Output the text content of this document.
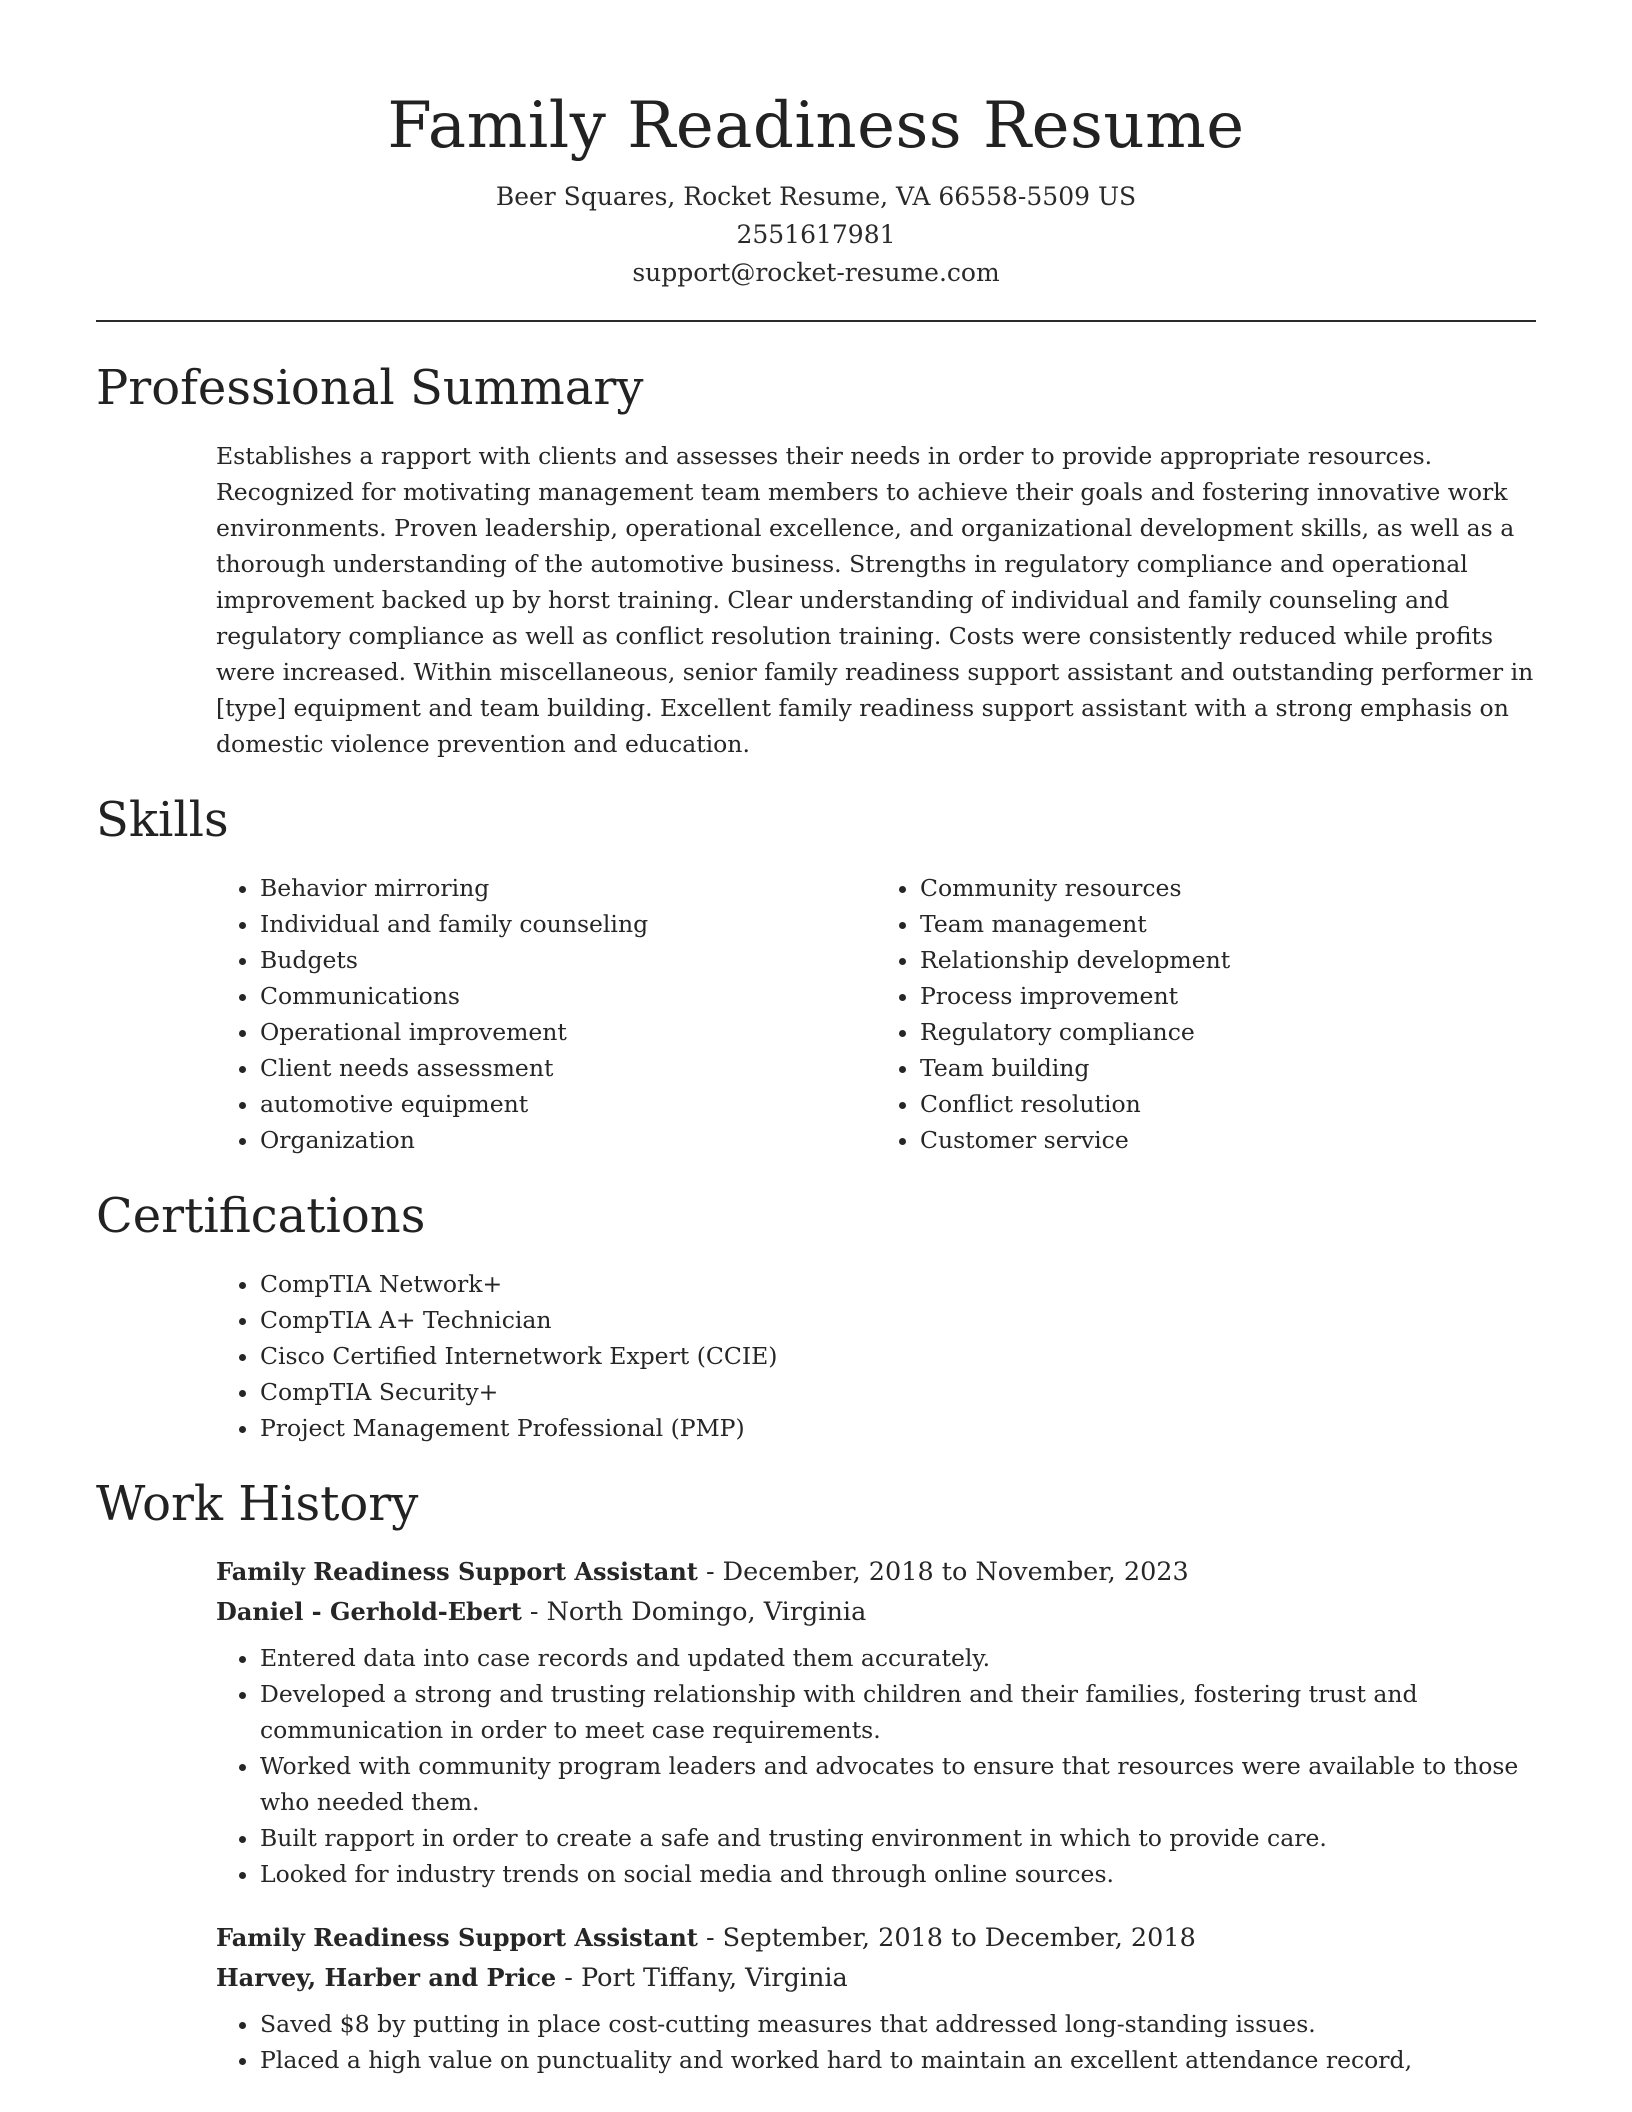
Family Readiness Resume
Beer Squares, Rocket Resume, VA 66558-5509 US
2551617981
support@rocket-resume.com
Professional Summary
Establishes a rapport with clients and assesses their needs in order to provide appropriate resources. Recognized for motivating management team members to achieve their goals and fostering innovative work environments. Proven leadership, operational excellence, and organizational development skills, as well as a thorough understanding of the automotive business. Strengths in regulatory compliance and operational improvement backed up by horst training. Clear understanding of individual and family counseling and regulatory compliance as well as conflict resolution training. Costs were consistently reduced while profits were increased. Within miscellaneous, senior family readiness support assistant and outstanding performer in [type] equipment and team building. Excellent family readiness support assistant with a strong emphasis on domestic violence prevention and education.
Skills
• Behavior mirroring
• Individual and family counseling
• Budgets
• Communications
• Operational improvement
• Client needs assessment
• automotive equipment
• Organization
• Community resources
• Team management
• Relationship development
• Process improvement
• Regulatory compliance
• Team building
• Conflict resolution
• Customer service
Certifications
• CompTIA Network+
• CompTIA A+ Technician
• Cisco Certified Internetwork Expert (CCIE)
• CompTIA Security+
• Project Management Professional (PMP)
Work History
Family Readiness Support Assistant - December, 2018 to November, 2023
Daniel - Gerhold-Ebert - North Domingo, Virginia
• Entered data into case records and updated them accurately.
• Developed a strong and trusting relationship with children and their families, fostering trust and communication in order to meet case requirements.
• Worked with community program leaders and advocates to ensure that resources were available to those who needed them.
• Built rapport in order to create a safe and trusting environment in which to provide care.
• Looked for industry trends on social media and through online sources.
Family Readiness Support Assistant - September, 2018 to December, 2018
Harvey, Harber and Price - Port Tiffany, Virginia
• Saved $8 by putting in place cost-cutting measures that addressed long-standing issues.
• Placed a high value on punctuality and worked hard to maintain an excellent attendance record,
